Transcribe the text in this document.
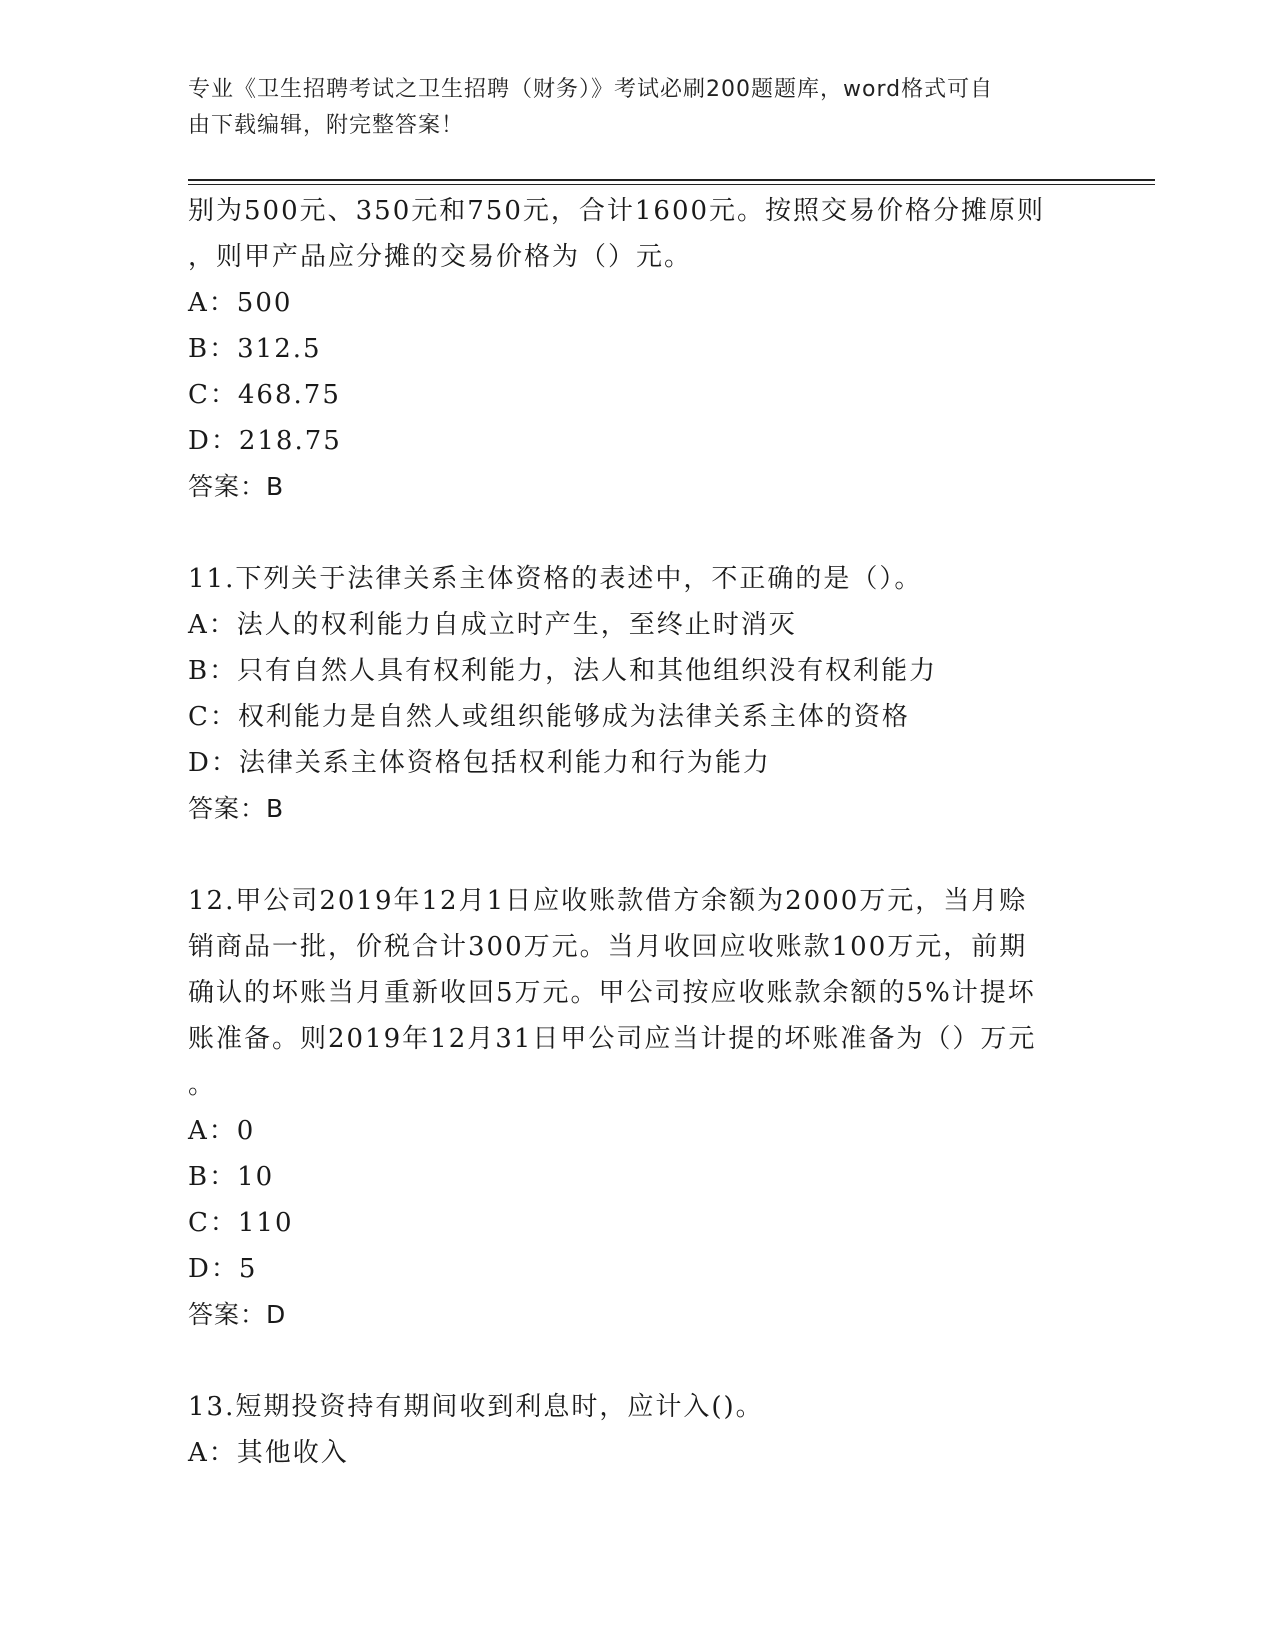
专业《卫生招聘考试之卫生招聘（财务）》考试必刷200题题库，word格式可自
由下载编辑，附完整答案！
别为500元、350元和750元，合计1600元。按照交易价格分摊原则
，则甲产品应分摊的交易价格为（）元。
A：500
B：312.5
C：468.75
D：218.75
答案：B
11.下列关于法律关系主体资格的表述中，不正确的是（）。
A：法人的权利能力自成立时产生，至终止时消灭
B：只有自然人具有权利能力，法人和其他组织没有权利能力
C：权利能力是自然人或组织能够成为法律关系主体的资格
D：法律关系主体资格包括权利能力和行为能力
答案：B
12.甲公司2019年12月1日应收账款借方余额为2000万元，当月赊
销商品一批，价税合计300万元。当月收回应收账款100万元，前期
确认的坏账当月重新收回5万元。甲公司按应收账款余额的5%计提坏
账准备。则2019年12月31日甲公司应当计提的坏账准备为（）万元
。
A：0
B：10
C：110
D：5
答案：D
13.短期投资持有期间收到利息时，应计入()。
A：其他收入
